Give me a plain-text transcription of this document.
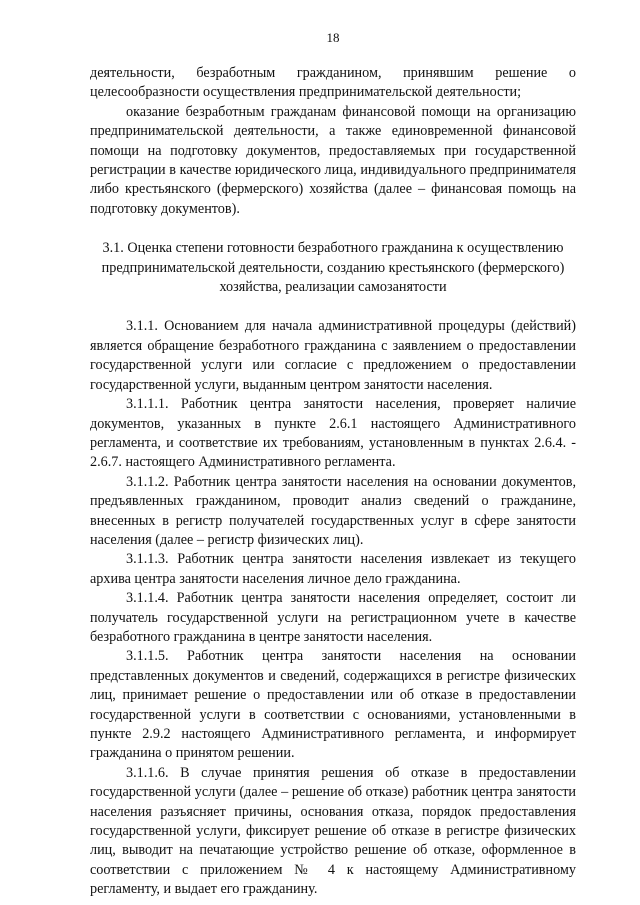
18

деятельности, безработным гражданином, принявшим решение о целесообразности осуществления предпринимательской деятельности;

оказание безработным гражданам финансовой помощи на организацию предпринимательской деятельности, а также единовременной финансовой помощи на подготовку документов, предоставляемых при государственной регистрации в качестве юридического лица, индивидуального предпринимателя либо крестьянского (фермерского) хозяйства (далее – финансовая помощь на подготовку документов).

3.1. Оценка степени готовности безработного гражданина к осуществлению предпринимательской деятельности, созданию крестьянского (фермерского) хозяйства, реализации самозанятости

3.1.1. Основанием для начала административной процедуры (действий) является обращение безработного гражданина с заявлением о предоставлении государственной услуги или согласие с предложением о предоставлении государственной услуги, выданным центром занятости населения.

3.1.1.1. Работник центра занятости населения, проверяет наличие документов, указанных в пункте 2.6.1 настоящего Административного регламента, и соответствие их требованиям, установленным в пунктах 2.6.4. - 2.6.7. настоящего Административного регламента.

3.1.1.2. Работник центра занятости населения на основании документов, предъявленных гражданином, проводит анализ сведений о гражданине, внесенных в регистр получателей государственных услуг в сфере занятости населения (далее – регистр физических лиц).

3.1.1.3. Работник центра занятости населения извлекает из текущего архива центра занятости населения личное дело гражданина.

3.1.1.4. Работник центра занятости населения определяет, состоит ли получатель государственной услуги на регистрационном учете в качестве безработного гражданина в центре занятости населения.

3.1.1.5. Работник центра занятости населения на основании представленных документов и сведений, содержащихся в регистре физических лиц, принимает решение о предоставлении или об отказе в предоставлении государственной услуги в соответствии с основаниями, установленными в пункте 2.9.2 настоящего Административного регламента, и информирует гражданина о принятом решении.

3.1.1.6. В случае принятия решения об отказе в предоставлении государственной услуги (далее – решение об отказе) работник центра занятости населения разъясняет причины, основания отказа, порядок предоставления государственной услуги, фиксирует решение об отказе в регистре физических лиц, выводит на печатающие устройство решение об отказе, оформленное в соответствии с приложением № 4 к настоящему Административному регламенту, и выдает его гражданину.
